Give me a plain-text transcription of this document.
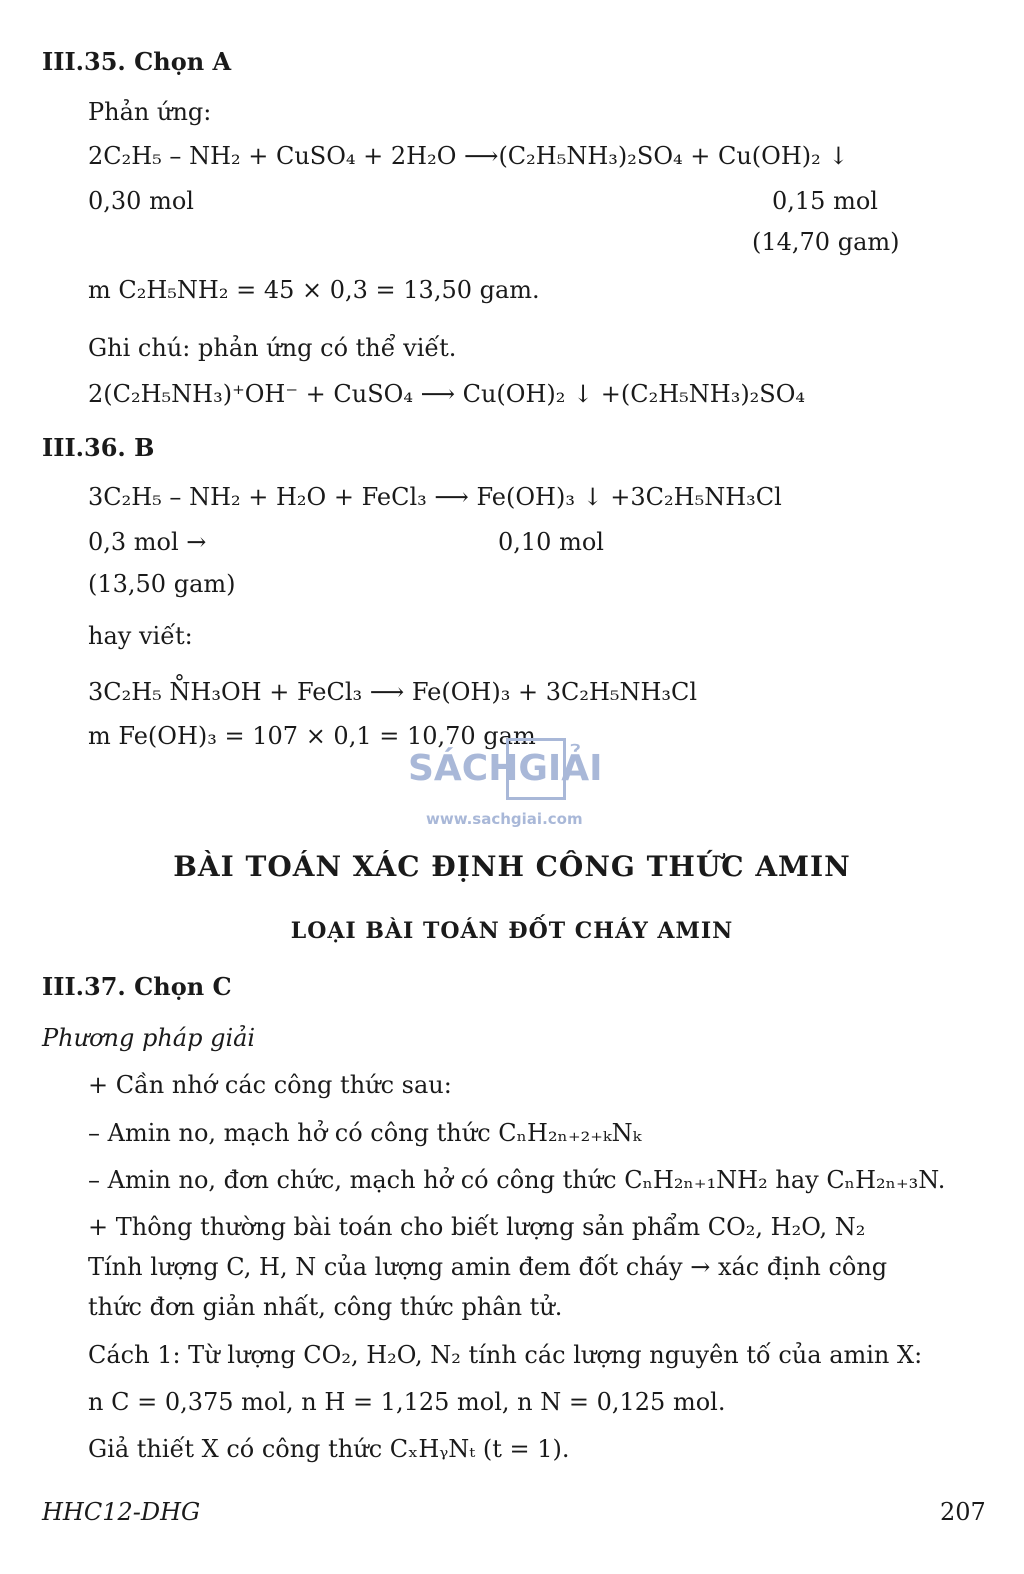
III.35. Chọn A
Phản ứng:
2C₂H₅ – NH₂ + CuSO₄ + 2H₂O ⟶(C₂H₅NH₃)₂SO₄ + Cu(OH)₂ ↓
0,30 mol	0,15 mol
(14,70 gam)
m C₂H₅NH₂ = 45 × 0,3 = 13,50 gam.
Ghi chú: phản ứng có thể viết.
2(C₂H₅NH₃)⁺OH⁻ + CuSO₄ ⟶ Cu(OH)₂ ↓ +(C₂H₅NH₃)₂SO₄
III.36. B
3C₂H₅ – NH₂ + H₂O + FeCl₃ ⟶ Fe(OH)₃ ↓ +3C₂H₅NH₃Cl
0,3 mol →	0,10 mol
(13,50 gam)
hay viết:
3C₂H₅ N̊H₃OH + FeCl₃ ⟶ Fe(OH)₃ + 3C₂H₅NH₃Cl
m Fe(OH)₃ = 107 × 0,1 = 10,70 gam
SÁCHGIẢI
www.sachgiai.com
BÀI TOÁN XÁC ĐỊNH CÔNG THỨC AMIN
LOẠI BÀI TOÁN ĐỐT CHÁY AMIN
III.37. Chọn C
Phương pháp giải
+ Cần nhớ các công thức sau:
– Amin no, mạch hở có công thức CₙH₂ₙ₊₂₊ₖNₖ
– Amin no, đơn chức, mạch hở có công thức CₙH₂ₙ₊₁NH₂ hay CₙH₂ₙ₊₃N.
+ Thông thường bài toán cho biết lượng sản phẩm CO₂, H₂O, N₂
Tính lượng C, H, N của lượng amin đem đốt cháy → xác định công
thức đơn giản nhất, công thức phân tử.
Cách 1: Từ lượng CO₂, H₂O, N₂ tính các lượng nguyên tố của amin X:
n C = 0,375 mol, n H = 1,125 mol, n N = 0,125 mol.
Giả thiết X có công thức CₓHᵧNₜ (t = 1).
HHC12-DHG	207
